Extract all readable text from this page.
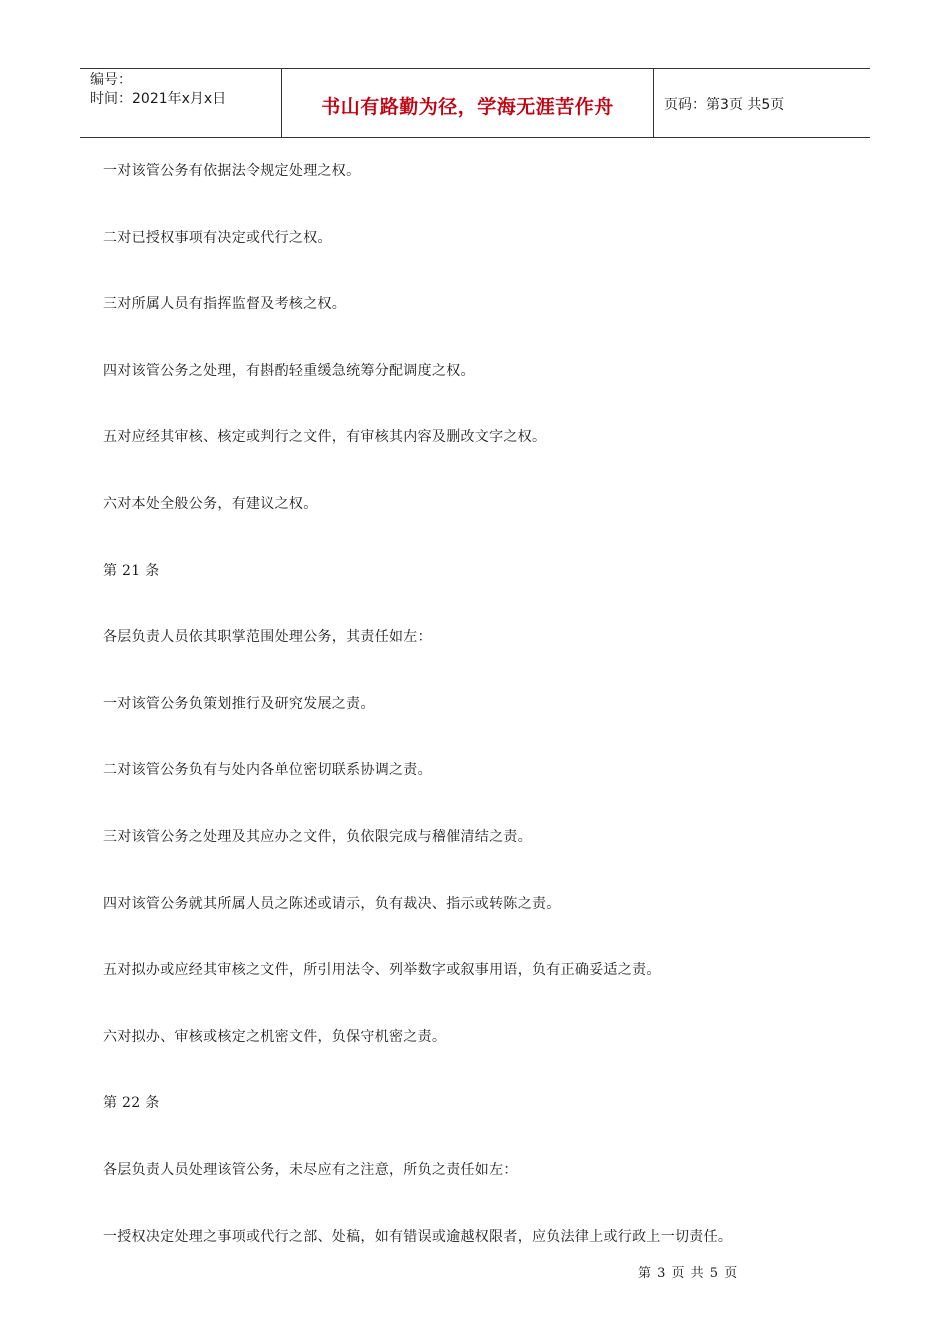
编号：
时间：2021年x月x日	书山有路勤为径，学海无涯苦作舟	页码：第3页 共5页
一对该管公务有依据法令规定处理之权。
二对已授权事项有决定或代行之权。
三对所属人员有指挥监督及考核之权。
四对该管公务之处理，有斟酌轻重缓急统筹分配调度之权。
五对应经其审核、核定或判行之文件，有审核其内容及删改文字之权。
六对本处全般公务，有建议之权。
第 21 条
各层负责人员依其职掌范围处理公务，其责任如左：
一对该管公务负策划推行及研究发展之责。
二对该管公务负有与处内各单位密切联系协调之责。
三对该管公务之处理及其应办之文件，负依限完成与稽催清结之责。
四对该管公务就其所属人员之陈述或请示，负有裁决、指示或转陈之责。
五对拟办或应经其审核之文件，所引用法令、列举数字或叙事用语，负有正确妥适之责。
六对拟办、审核或核定之机密文件，负保守机密之责。
第 22 条
各层负责人员处理该管公务，未尽应有之注意，所负之责任如左：
一授权决定处理之事项或代行之部、处稿，如有错误或逾越权限者，应负法律上或行政上一切责任。
第 3 页 共 5 页
